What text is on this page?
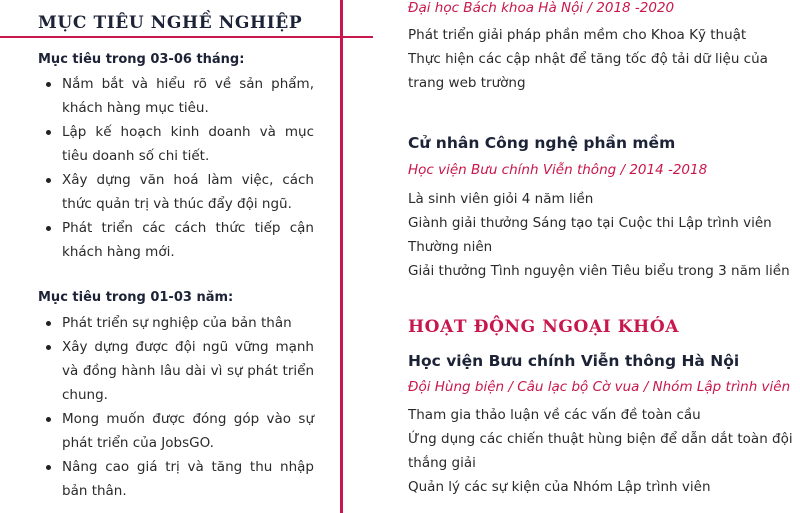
MỤC TIÊU NGHỀ NGHIỆP
Mục tiêu trong 03-06 tháng:
Nắm bắt và hiểu rõ về sản phẩm, khách hàng mục tiêu.
Lập kế hoạch kinh doanh và mục tiêu doanh số chi tiết.
Xây dựng văn hoá làm việc, cách thức quản trị và thúc đẩy đội ngũ.
Phát triển các cách thức tiếp cận khách hàng mới.
Mục tiêu trong 01-03 năm:
Phát triển sự nghiệp của bản thân
Xây dựng được đội ngũ vững mạnh và đồng hành lâu dài vì sự phát triển chung.
Mong muốn được đóng góp vào sự phát triển của JobsGO.
Nâng cao giá trị và tăng thu nhập bản thân.
Đại học Bách khoa Hà Nội / 2018 -2020
Phát triển giải pháp phần mềm cho Khoa Kỹ thuật
Thực hiện các cập nhật để tăng tốc độ tải dữ liệu của
trang web trường
Cử nhân Công nghệ phần mềm
Học viện Bưu chính Viễn thông / 2014 -2018
Là sinh viên giỏi 4 năm liền
Giành giải thưởng Sáng tạo tại Cuộc thi Lập trình viên
Thường niên
Giải thưởng Tình nguyện viên Tiêu biểu trong 3 năm liền
HOẠT ĐỘNG NGOẠI KHÓA
Học viện Bưu chính Viễn thông Hà Nội
Đội Hùng biện / Câu lạc bộ Cờ vua / Nhóm Lập trình viên
Tham gia thảo luận về các vấn đề toàn cầu
Ứng dụng các chiến thuật hùng biện để dẫn dắt toàn đội
thắng giải
Quản lý các sự kiện của Nhóm Lập trình viên
